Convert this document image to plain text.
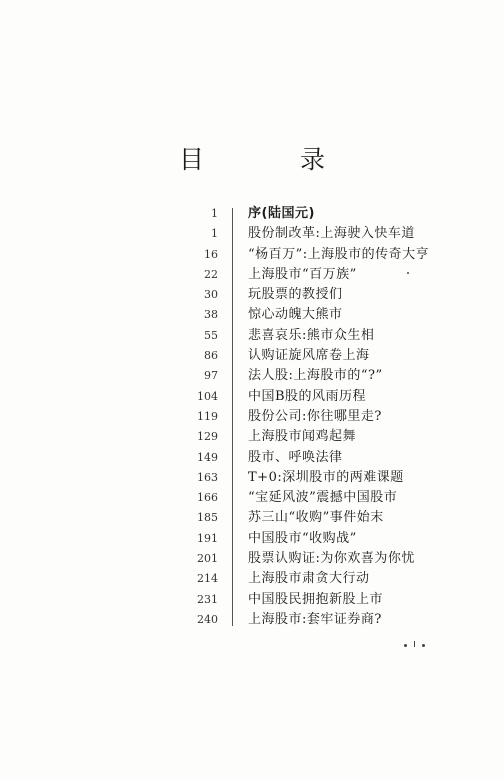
目 录
1 序(陆国元)
1 股份制改革:上海驶入快车道
16 “杨百万”:上海股市的传奇大亨
22 上海股市“百万族”
30 玩股票的教授们
38 惊心动魄大熊市
55 悲喜哀乐:熊市众生相
86 认购证旋风席卷上海
97 法人股:上海股市的“?”
104 中国B股的风雨历程
119 股份公司:你往哪里走?
129 上海股市闻鸡起舞
149 股市、呼唤法律
163 T+0:深圳股市的两难课题
166 “宝延风波”震撼中国股市
185 苏三山“收购”事件始末
191 中国股市“收购战”
201 股票认购证:为你欢喜为你忧
214 上海股市肃贪大行动
231 中国股民拥抱新股上市
240 上海股市:套牢证券商?
